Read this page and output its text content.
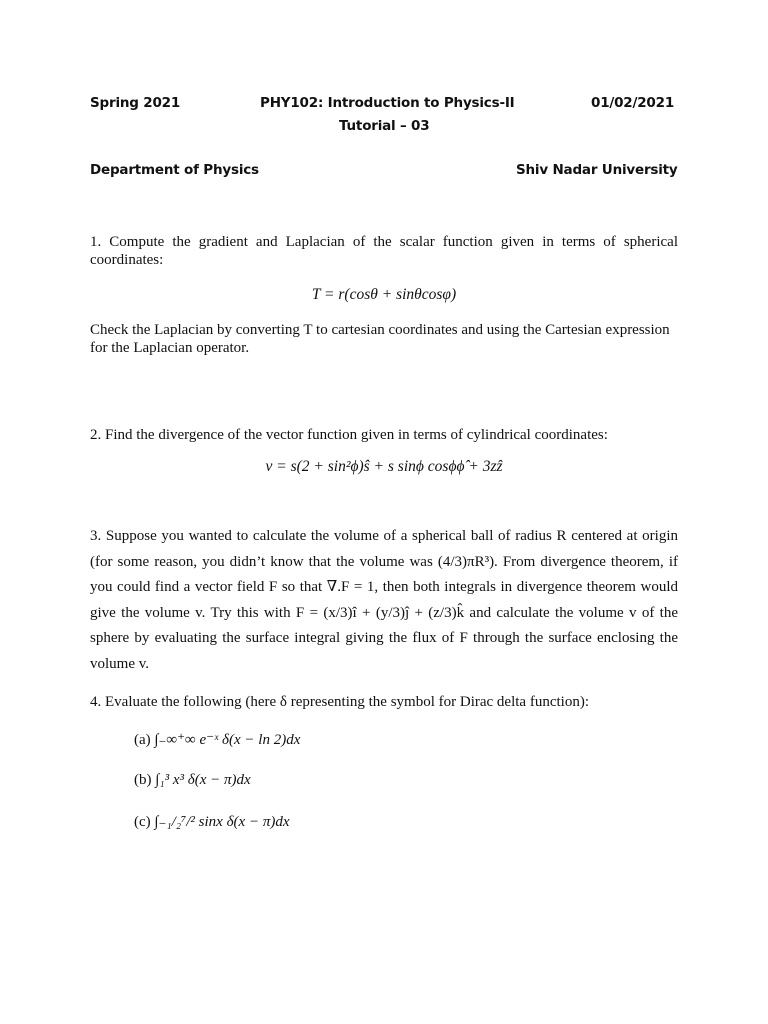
Spring 2021	PHY102: Introduction to Physics-II	01/02/2021
Tutorial – 03
Department of Physics	Shiv Nadar University
1. Compute the gradient and Laplacian of the scalar function given in terms of spherical coordinates:
T = r(cosθ + sinθcosφ)
Check the Laplacian by converting T to cartesian coordinates and using the Cartesian expression for the Laplacian operator.
2. Find the divergence of the vector function given in terms of cylindrical coordinates:
v = s(2 + sin²ϕ)ŝ + s sinϕ cosϕϕ̂ + 3zẑ
3. Suppose you wanted to calculate the volume of a spherical ball of radius R centered at origin (for some reason, you didn’t know that the volume was (4/3)πR³). From divergence theorem, if you could find a vector field F so that ∇.F = 1, then both integrals in divergence theorem would give the volume v. Try this with F = (x/3)î + (y/3)ĵ + (z/3)k̂ and calculate the volume v of the sphere by evaluating the surface integral giving the flux of F through the surface enclosing the volume v.
4. Evaluate the following (here δ representing the symbol for Dirac delta function):
(a) ∫₋∞⁺∞ e⁻ˣ δ(x − ln 2)dx
(b) ∫₁³ x³ δ(x − π)dx
(c) ∫₋₁/₂⁷/² sinx δ(x − π)dx
